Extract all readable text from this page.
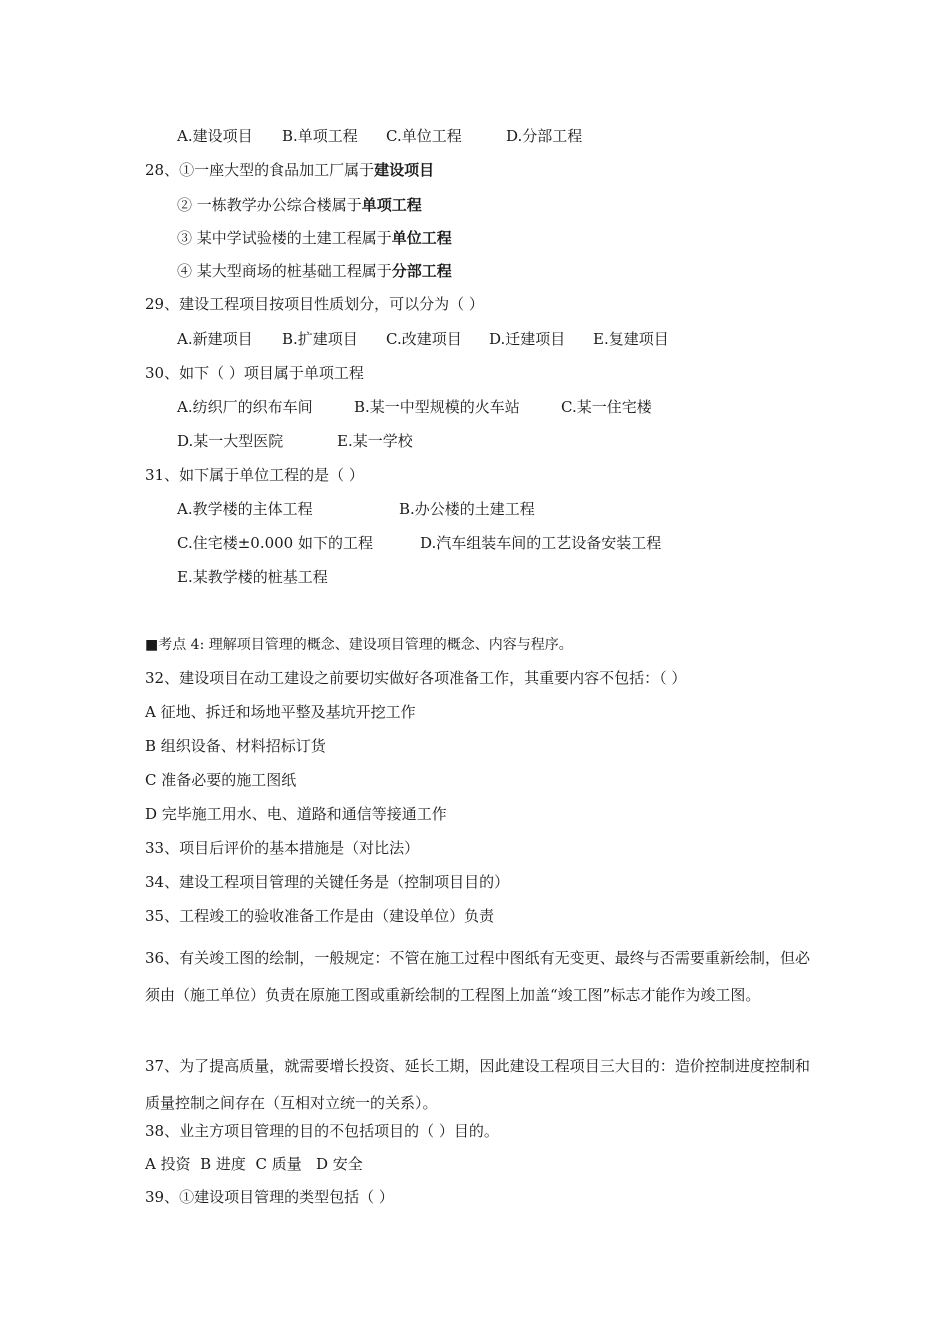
A.建设项目 B.单项工程 C.单位工程	D.分部工程
28、①一座大型的食品加工厂属于建设项目
② 一栋教学办公综合楼属于单项工程
③ 某中学试验楼的土建工程属于单位工程
④ 某大型商场的桩基础工程属于分部工程
29、建设工程项目按项目性质划分，可以分为（ ）
A.新建项目 B.扩建项目 C.改建项目 D.迁建项目 E.复建项目
30、如下（ ）项目属于单项工程
A.纺织厂的织布车间	B.某一中型规模的火车站	C.某一住宅楼
D.某一大型医院	E.某一学校
31、如下属于单位工程的是（ ）
A.教学楼的主体工程	B.办公楼的土建工程
C.住宅楼±0.000 如下的工程	D.汽车组装车间的工艺设备安装工程
E.某教学楼的桩基工程
■考点 4: 理解项目管理的概念、建设项目管理的概念、内容与程序。
32、建设项目在动工建设之前要切实做好各项准备工作，其重要内容不包括：（ ）
A 征地、拆迁和场地平整及基坑开挖工作
B 组织设备、材料招标订货
C 准备必要的施工图纸
D 完毕施工用水、电、道路和通信等接通工作
33、项目后评价的基本措施是（对比法）
34、建设工程项目管理的关键任务是（控制项目目的）
35、工程竣工的验收准备工作是由（建设单位）负责
36、有关竣工图的绘制，一般规定：不管在施工过程中图纸有无变更、最终与否需要重新绘制，但必须由（施工单位）负责在原施工图或重新绘制的工程图上加盖“竣工图”标志才能作为竣工图。
37、为了提高质量，就需要增长投资、延长工期，因此建设工程项目三大目的：造价控制进度控制和质量控制之间存在（互相对立统一的关系）。
38、业主方项目管理的目的不包括项目的（ ）目的。
A 投资  B 进度  C 质量   D 安全
39、①建设项目管理的类型包括（ ）
